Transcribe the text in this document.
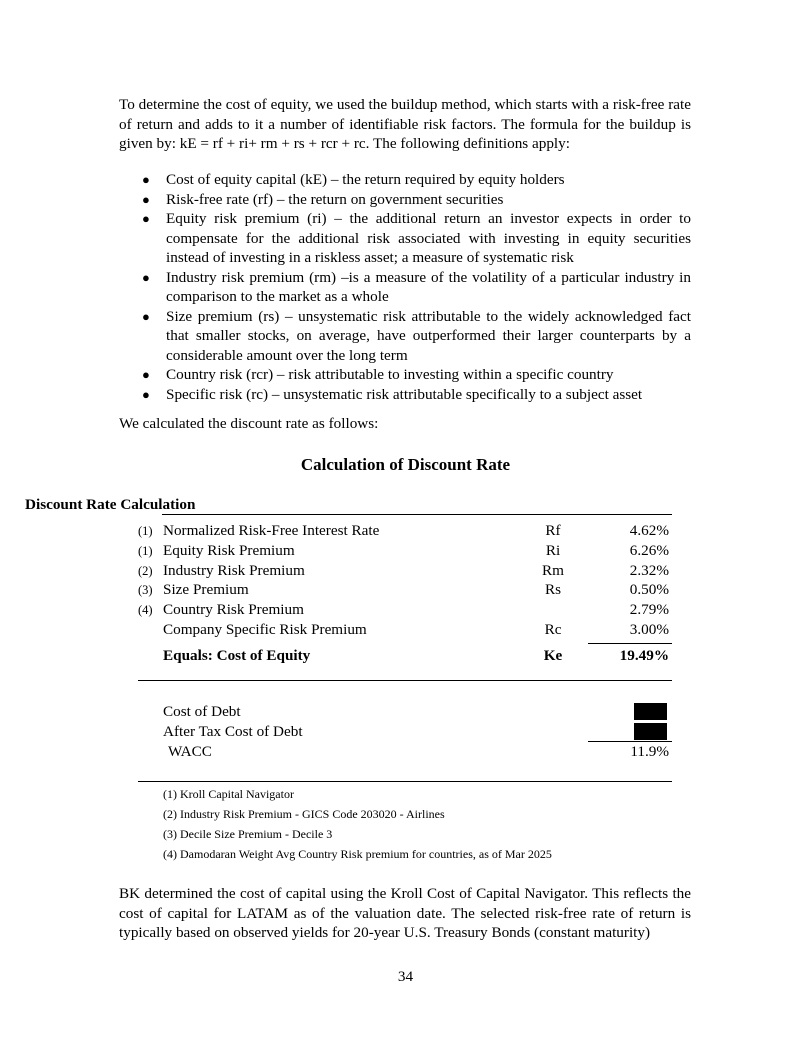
To determine the cost of equity, we used the buildup method, which starts with a risk-free rate of return and adds to it a number of identifiable risk factors. The formula for the buildup is given by: kE = rf + ri+ rm + rs + rcr + rc. The following definitions apply:

● Cost of equity capital (kE) – the return required by equity holders
● Risk-free rate (rf) – the return on government securities
● Equity risk premium (ri) – the additional return an investor expects in order to compensate for the additional risk associated with investing in equity securities instead of investing in a riskless asset; a measure of systematic risk
● Industry risk premium (rm) –is a measure of the volatility of a particular industry in comparison to the market as a whole
● Size premium (rs) – unsystematic risk attributable to the widely acknowledged fact that smaller stocks, on average, have outperformed their larger counterparts by a considerable amount over the long term
● Country risk (rcr) – risk attributable to investing within a specific country
● Specific risk (rc) – unsystematic risk attributable specifically to a subject asset

We calculated the discount rate as follows:

Calculation of Discount Rate
Discount Rate Calculation
(1) Normalized Risk-Free Interest Rate	Rf	4.62%
(1) Equity Risk Premium	Ri	6.26%
(2) Industry Risk Premium	Rm	2.32%
(3) Size Premium	Rs	0.50%
(4) Country Risk Premium	2.79%
Company Specific Risk Premium	Rc	3.00%
Equals: Cost of Equity	Ke	19.49%
Cost of Debt
After Tax Cost of Debt
WACC	11.9%
(1) Kroll Capital Navigator
(2) Industry Risk Premium - GICS Code 203020 - Airlines
(3) Decile Size Premium - Decile 3
(4) Damodaran Weight Avg Country Risk premium for countries, as of Mar 2025

BK determined the cost of capital using the Kroll Cost of Capital Navigator. This reflects the cost of capital for LATAM as of the valuation date. The selected risk-free rate of return is typically based on observed yields for 20-year U.S. Treasury Bonds (constant maturity)

34
